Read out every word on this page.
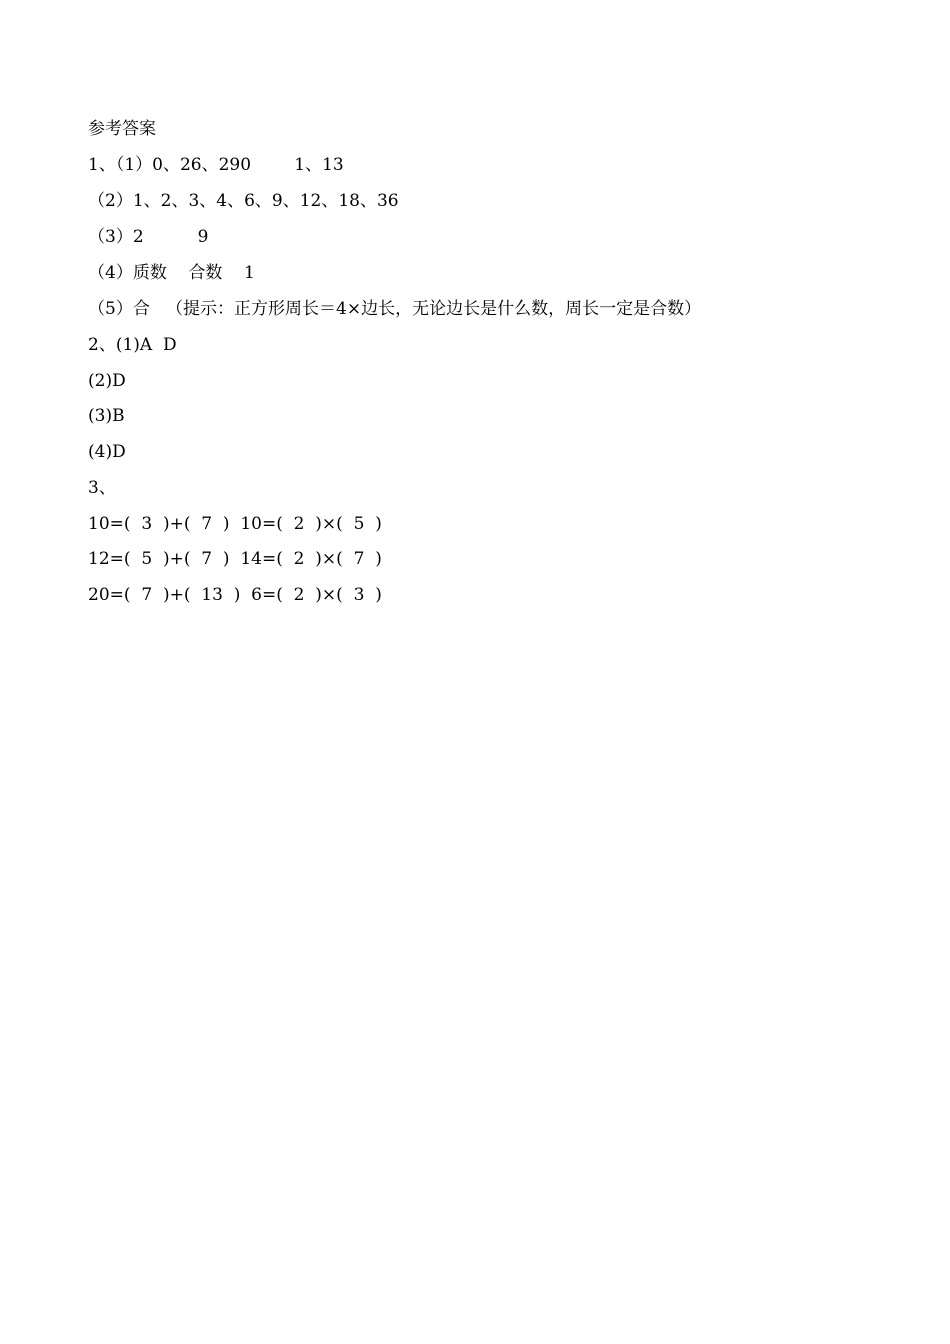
参考答案
1、（1）0、26、290        1、13
（2）1、2、3、4、6、9、12、18、36
（3）2          9
（4）质数    合数    1
（5）合   （提示：正方形周长＝4×边长，无论边长是什么数，周长一定是合数）
2、(1)A  D
(2)D
(3)B
(4)D
3、
10=(  3  )+(  7  )  10=(  2  )×(  5  )
12=(  5  )+(  7  )  14=(  2  )×(  7  )
20=(  7  )+(  13  )  6=(  2  )×(  3  )
